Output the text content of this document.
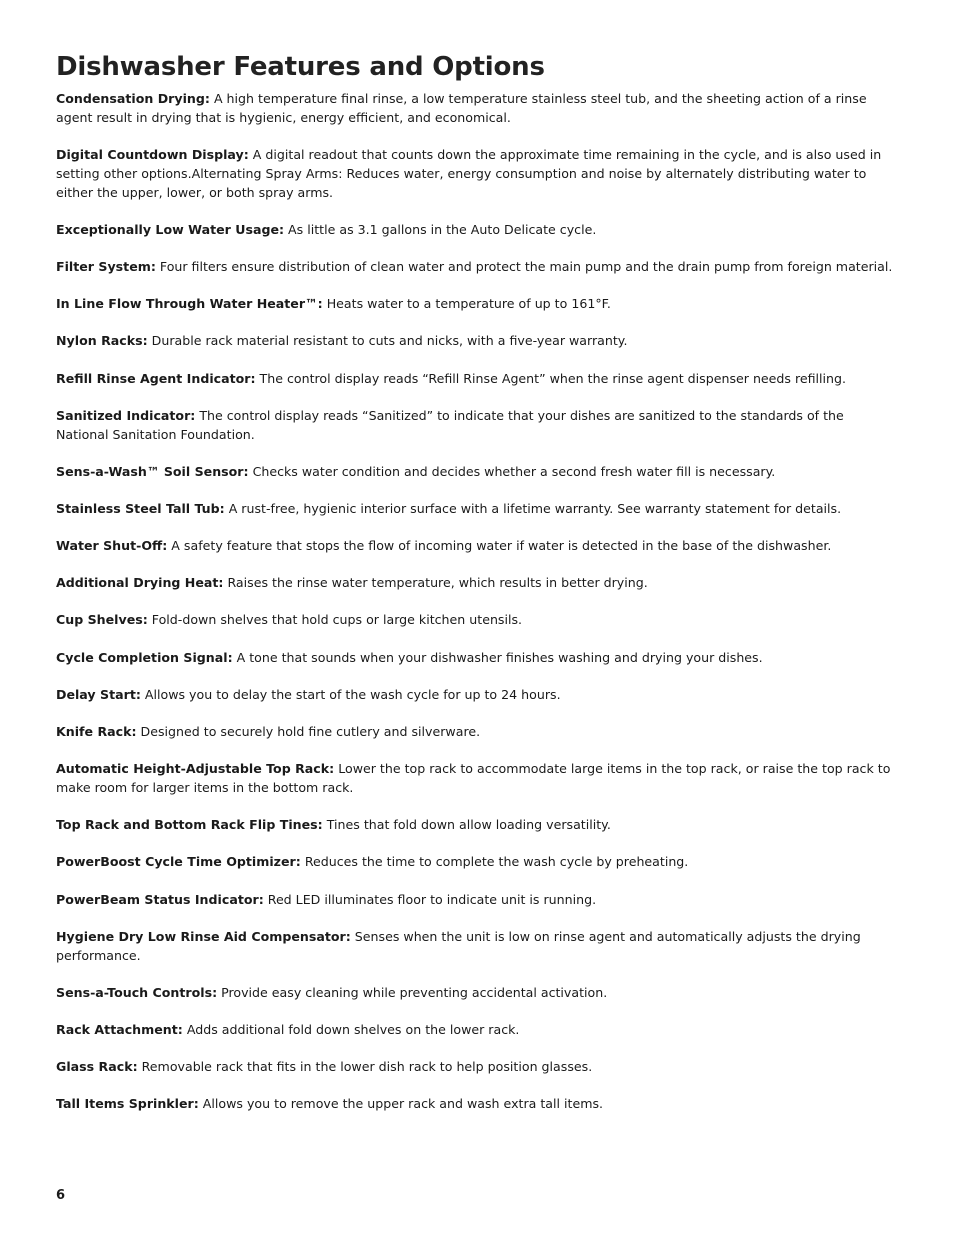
Dishwasher Features and Options

Condensation Drying: A high temperature final rinse, a low temperature stainless steel tub, and the sheeting action of a rinse agent result in drying that is hygienic, energy efficient, and economical.

Digital Countdown Display: A digital readout that counts down the approximate time remaining in the cycle, and is also used in setting other options.Alternating Spray Arms: Reduces water, energy consumption and noise by alternately distributing water to either the upper, lower, or both spray arms.

Exceptionally Low Water Usage: As little as 3.1 gallons in the Auto Delicate cycle.

Filter System: Four filters ensure distribution of clean water and protect the main pump and the drain pump from foreign material.

In Line Flow Through Water Heater™: Heats water to a temperature of up to 161°F.

Nylon Racks: Durable rack material resistant to cuts and nicks, with a five-year warranty.

Refill Rinse Agent Indicator: The control display reads “Refill Rinse Agent” when the rinse agent dispenser needs refilling.

Sanitized Indicator: The control display reads “Sanitized” to indicate that your dishes are sanitized to the standards of the National Sanitation Foundation.

Sens-a-Wash™ Soil Sensor: Checks water condition and decides whether a second fresh water fill is necessary.

Stainless Steel Tall Tub: A rust-free, hygienic interior surface with a lifetime warranty. See warranty statement for details.

Water Shut-Off: A safety feature that stops the flow of incoming water if water is detected in the base of the dishwasher.

Additional Drying Heat: Raises the rinse water temperature, which results in better drying.

Cup Shelves: Fold-down shelves that hold cups or large kitchen utensils.

Cycle Completion Signal: A tone that sounds when your dishwasher finishes washing and drying your dishes.

Delay Start: Allows you to delay the start of the wash cycle for up to 24 hours.

Knife Rack: Designed to securely hold fine cutlery and silverware.

Automatic Height-Adjustable Top Rack: Lower the top rack to accommodate large items in the top rack, or raise the top rack to make room for larger items in the bottom rack.

Top Rack and Bottom Rack Flip Tines: Tines that fold down allow loading versatility.

PowerBoost Cycle Time Optimizer: Reduces the time to complete the wash cycle by preheating.

PowerBeam Status Indicator: Red LED illuminates floor to indicate unit is running.

Hygiene Dry Low Rinse Aid Compensator: Senses when the unit is low on rinse agent and automatically adjusts the drying performance.

Sens-a-Touch Controls: Provide easy cleaning while preventing accidental activation.

Rack Attachment: Adds additional fold down shelves on the lower rack.

Glass Rack: Removable rack that fits in the lower dish rack to help position glasses.

Tall Items Sprinkler: Allows you to remove the upper rack and wash extra tall items.

6
